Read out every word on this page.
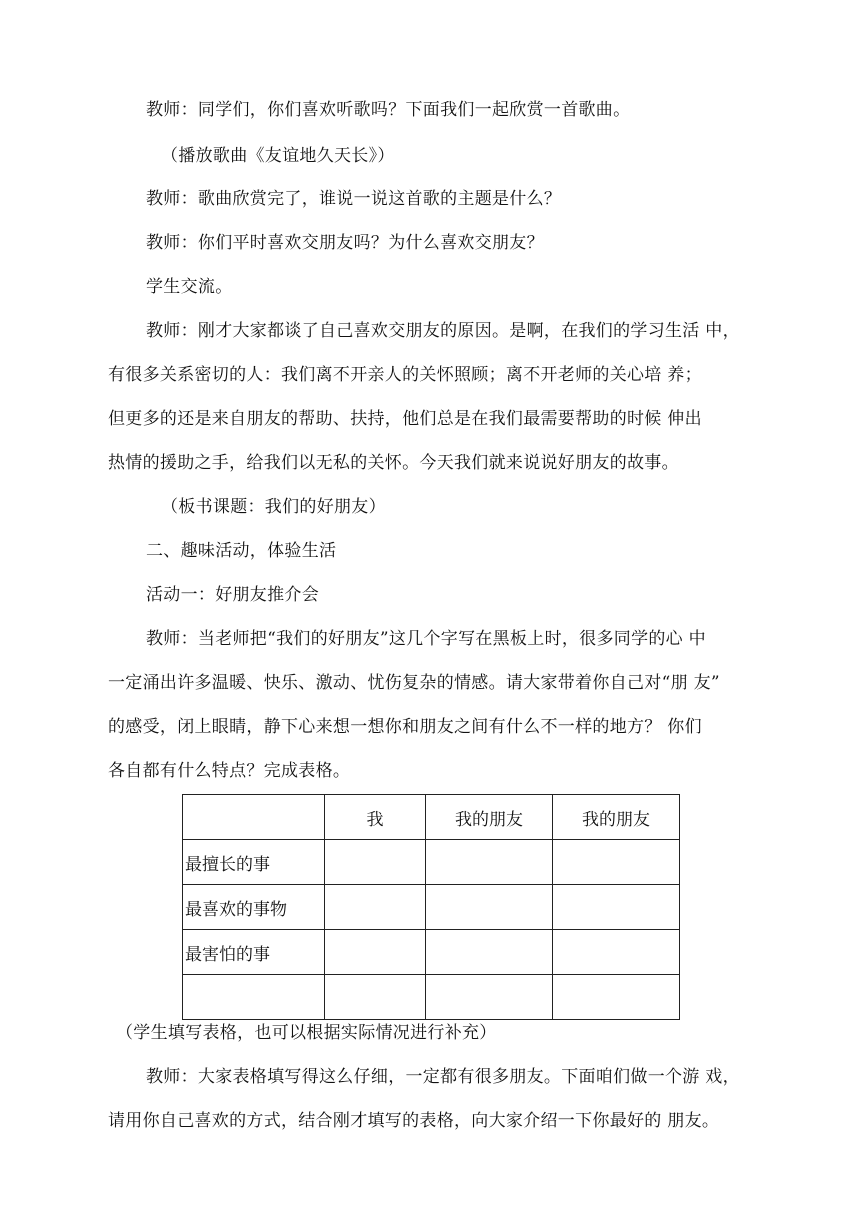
教师：同学们，你们喜欢听歌吗？下面我们一起欣赏一首歌曲。
（播放歌曲《友谊地久天长》）
教师：歌曲欣赏完了，谁说一说这首歌的主题是什么？
教师：你们平时喜欢交朋友吗？为什么喜欢交朋友？
学生交流。
教师：刚才大家都谈了自己喜欢交朋友的原因。是啊，在我们的学习生活 中，
有很多关系密切的人：我们离不开亲人的关怀照顾；离不开老师的关心培 养；
但更多的还是来自朋友的帮助、扶持，他们总是在我们最需要帮助的时候 伸出
热情的援助之手，给我们以无私的关怀。今天我们就来说说好朋友的故事。
（板书课题：我们的好朋友）
二、趣味活动，体验生活
活动一：好朋友推介会
教师：当老师把“我们的好朋友”这几个字写在黑板上时，很多同学的心 中
一定涌出许多温暖、快乐、激动、忧伤复杂的情感。请大家带着你自己对“朋 友”
的感受，闭上眼睛，静下心来想一想你和朋友之间有什么不一样的地方？ 你们
各自都有什么特点？完成表格。
	我	我的朋友	我的朋友
最擅长的事			
最喜欢的事物			
最害怕的事			

（学生填写表格，也可以根据实际情况进行补充）
教师：大家表格填写得这么仔细，一定都有很多朋友。下面咱们做一个游 戏，
请用你自己喜欢的方式，结合刚才填写的表格，向大家介绍一下你最好的 朋友。
